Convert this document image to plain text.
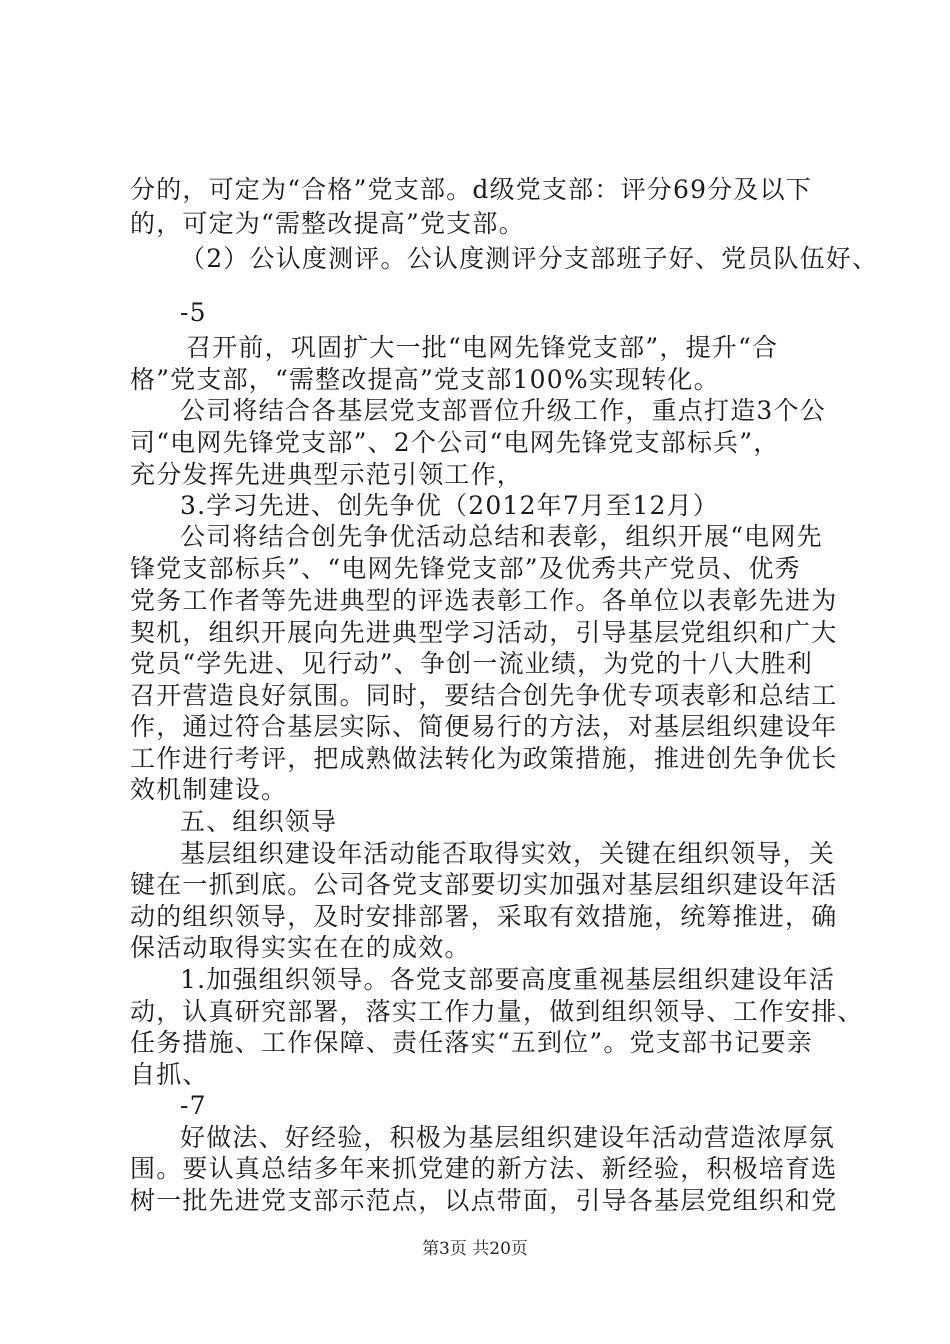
分的，可定为“合格”党支部。d级党支部：评分69分及以下
的，可定为“需整改提高”党支部。
（2）公认度测评。公认度测评分支部班子好、党员队伍好、
-5
召开前，巩固扩大一批“电网先锋党支部”，提升“合
格”党支部，“需整改提高”党支部100%实现转化。
公司将结合各基层党支部晋位升级工作，重点打造3个公
司“电网先锋党支部”、2个公司“电网先锋党支部标兵”，
充分发挥先进典型示范引领工作，
3.学习先进、创先争优（2012年7月至12月）
公司将结合创先争优活动总结和表彰，组织开展“电网先
锋党支部标兵”、“电网先锋党支部”及优秀共产党员、优秀
党务工作者等先进典型的评选表彰工作。各单位以表彰先进为
契机，组织开展向先进典型学习活动，引导基层党组织和广大
党员“学先进、见行动”、争创一流业绩，为党的十八大胜利
召开营造良好氛围。同时，要结合创先争优专项表彰和总结工
作，通过符合基层实际、简便易行的方法，对基层组织建设年
工作进行考评，把成熟做法转化为政策措施，推进创先争优长
效机制建设。
五、组织领导
基层组织建设年活动能否取得实效，关键在组织领导，关
键在一抓到底。公司各党支部要切实加强对基层组织建设年活
动的组织领导，及时安排部署，采取有效措施，统筹推进，确
保活动取得实实在在的成效。
1.加强组织领导。各党支部要高度重视基层组织建设年活
动，认真研究部署，落实工作力量，做到组织领导、工作安排、
任务措施、工作保障、责任落实“五到位”。党支部书记要亲
自抓、
-7
好做法、好经验，积极为基层组织建设年活动营造浓厚氛
围。要认真总结多年来抓党建的新方法、新经验，积极培育选
树一批先进党支部示范点，以点带面，引导各基层党组织和党
第3页 共20页
